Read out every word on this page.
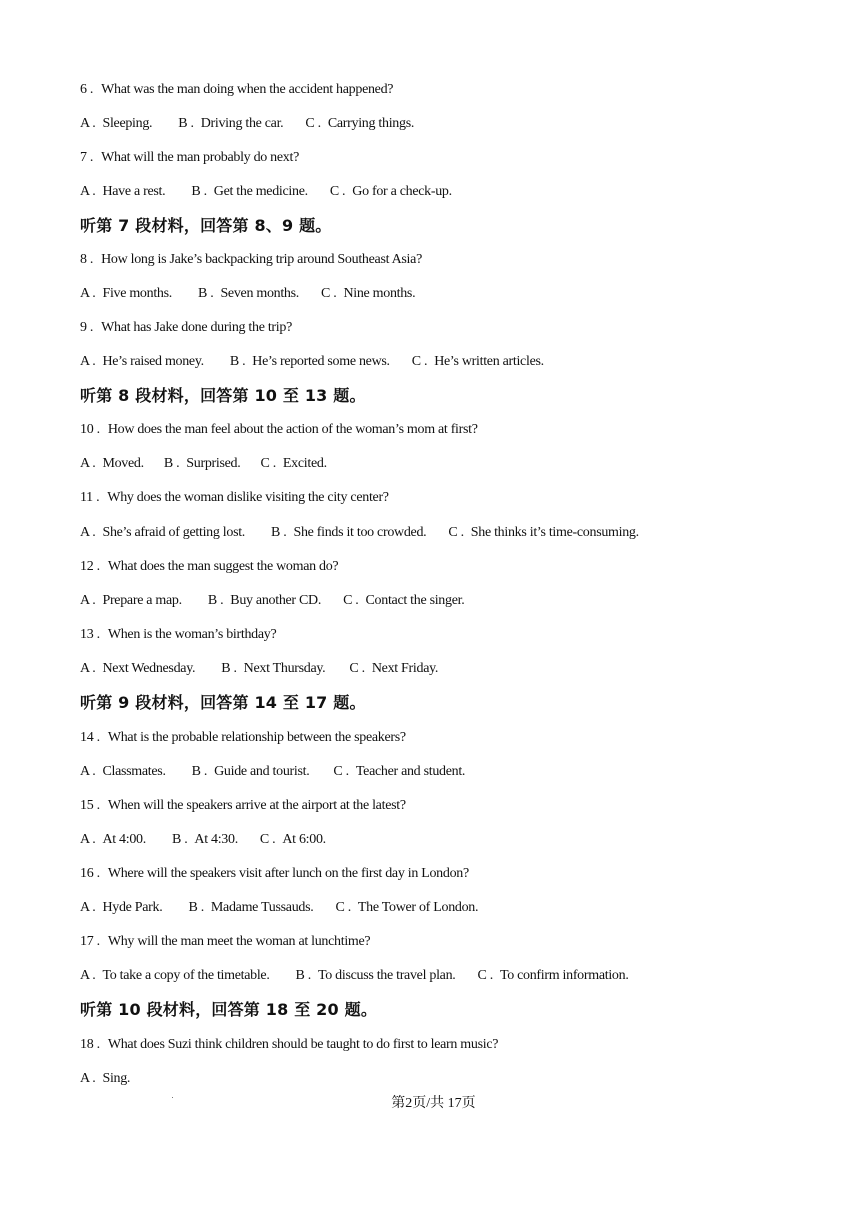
6 . What was the man doing when the accident happened?
A . Sleeping. B . Driving the car. C . Carrying things.
7 . What will the man probably do next?
A . Have a rest. B . Get the medicine. C . Go for a check-up.
听第 7 段材料，回答第 8、9 题。
8 . How long is Jake’s backpacking trip around Southeast Asia?
A . Five months. B . Seven months. C . Nine months.
9 . What has Jake done during the trip?
A . He’s raised money. B . He’s reported some news. C . He’s written articles.
听第 8 段材料，回答第 10 至 13 题。
10 . How does the man feel about the action of the woman’s mom at first?
A . Moved. B . Surprised. C . Excited.
11 . Why does the woman dislike visiting the city center?
A . She’s afraid of getting lost. B . She finds it too crowded. C . She thinks it’s time-consuming.
12 . What does the man suggest the woman do?
A . Prepare a map. B . Buy another CD. C . Contact the singer.
13 . When is the woman’s birthday?
A . Next Wednesday. B . Next Thursday. C . Next Friday.
听第 9 段材料，回答第 14 至 17 题。
14 . What is the probable relationship between the speakers?
A . Classmates. B . Guide and tourist. C . Teacher and student.
15 . When will the speakers arrive at the airport at the latest?
A . At 4:00. B . At 4:30. C . At 6:00.
16 . Where will the speakers visit after lunch on the first day in London?
A . Hyde Park. B . Madame Tussauds. C . The Tower of London.
17 . Why will the man meet the woman at lunchtime?
A . To take a copy of the timetable. B . To discuss the travel plan. C . To confirm information.
听第 10 段材料，回答第 18 至 20 题。
18 . What does Suzi think children should be taught to do first to learn music?
A . Sing.
第2页/共 17页
